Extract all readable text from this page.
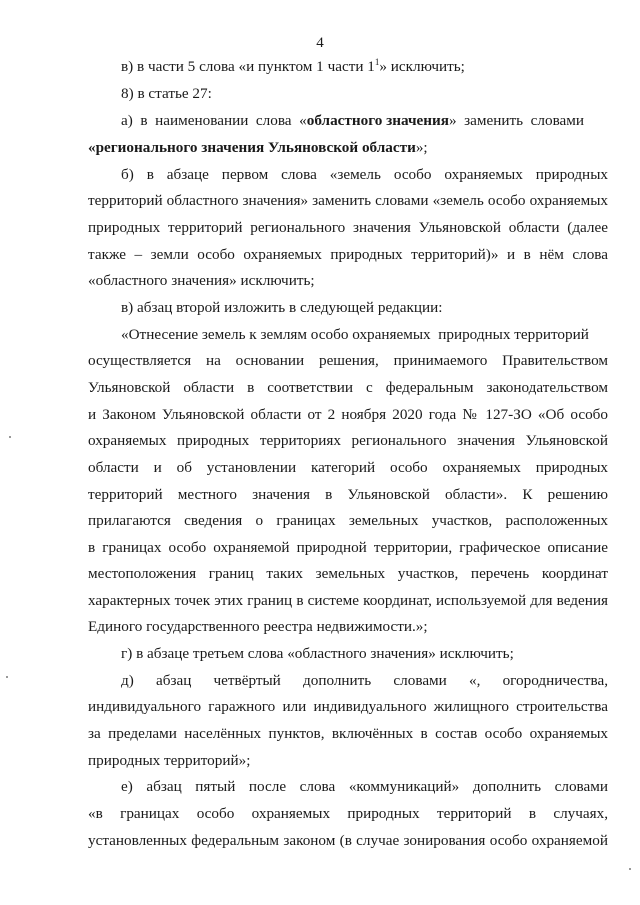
4
в) в части 5 слова «и пунктом 1 части $1^1$» исключить;
8) в статье 27:
а)  в  наименовании  слова  «областного значения»  заменить  словами
«регионального значения Ульяновской области»;
б) в абзаце первом слова «земель особо охраняемых природных
территорий областного значения» заменить словами «земель особо охраняемых
природных территорий регионального значения Ульяновской области (далее
также – земли особо охраняемых природных территорий)» и в нём слова
«областного значения» исключить;
в) абзац второй изложить в следующей редакции:
«Отнесение земель к землям особо охраняемых  природных территорий
осуществляется на основании решения, принимаемого Правительством
Ульяновской области в соответствии с федеральным законодательством
и Законом Ульяновской области от 2 ноября 2020 года № 127-ЗО «Об особо
охраняемых природных территориях регионального значения Ульяновской
области и об установлении категорий особо охраняемых природных
территорий местного значения в Ульяновской области». К решению
прилагаются сведения о границах земельных участков, расположенных
в границах особо охраняемой природной территории, графическое описание
местоположения границ таких земельных участков, перечень координат
характерных точек этих границ в системе координат, используемой для ведения
Единого государственного реестра недвижимости.»;
г) в абзаце третьем слова «областного значения» исключить;
д) абзац четвёртый дополнить словами «, огородничества,
индивидуального гаражного или индивидуального жилищного строительства
за пределами населённых пунктов, включённых в состав особо охраняемых
природных территорий»;
е) абзац пятый после слова «коммуникаций» дополнить словами
«в границах особо охраняемых природных территорий в случаях,
установленных федеральным законом (в случае зонирования особо охраняемой
